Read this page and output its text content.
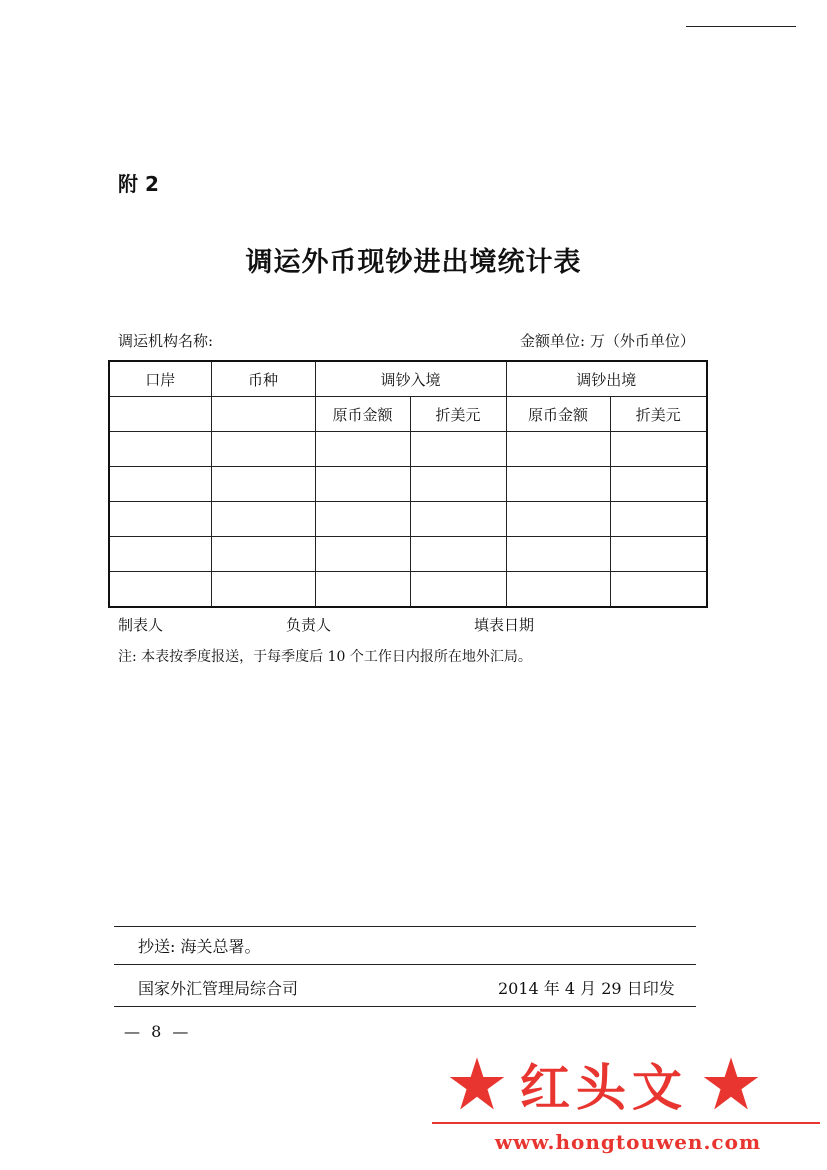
附 2
调运外币现钞进出境统计表
调运机构名称:	金额单位: 万（外币单位）
口岸	币种	调钞入境		调钞出境	
		原币金额	折美元	原币金额	折美元

制表人	负责人	填表日期
注: 本表按季度报送，于每季度后 10 个工作日内报所在地外汇局。
抄送: 海关总署。
国家外汇管理局综合司	2014 年 4 月 29 日印发
— 8 —
红头文
www.hongtouwen.com
